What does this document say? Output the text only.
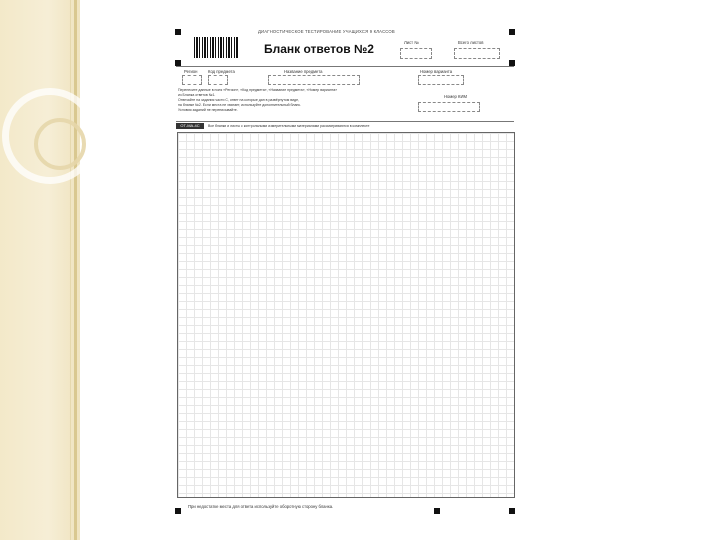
ДИАГНОСТИЧЕСКОЕ ТЕСТИРОВАНИЕ УЧАЩИХСЯ 9 КЛАССОВ
Бланк ответов №2	Лист №	Всего листов
Регион	Код предмета	Название предмета	Номер варианта
Перенесите данные в поля «Регион», «Код предмета», «Название предмета», «Номер варианта»
из Бланка ответов №1.
Отвечайте на задания части С, ответ на которые дан в развёрнутом виде,
на бланке №2. Если места не хватает, используйте дополнительный бланк.
Условия заданий не переписывайте.
Номер КИМ
ОТ-МА-4С	Все бланки и листы с контрольными измерительными материалами рассматриваются в комплекте
При недостатке места для ответа используйте оборотную сторону бланка.
